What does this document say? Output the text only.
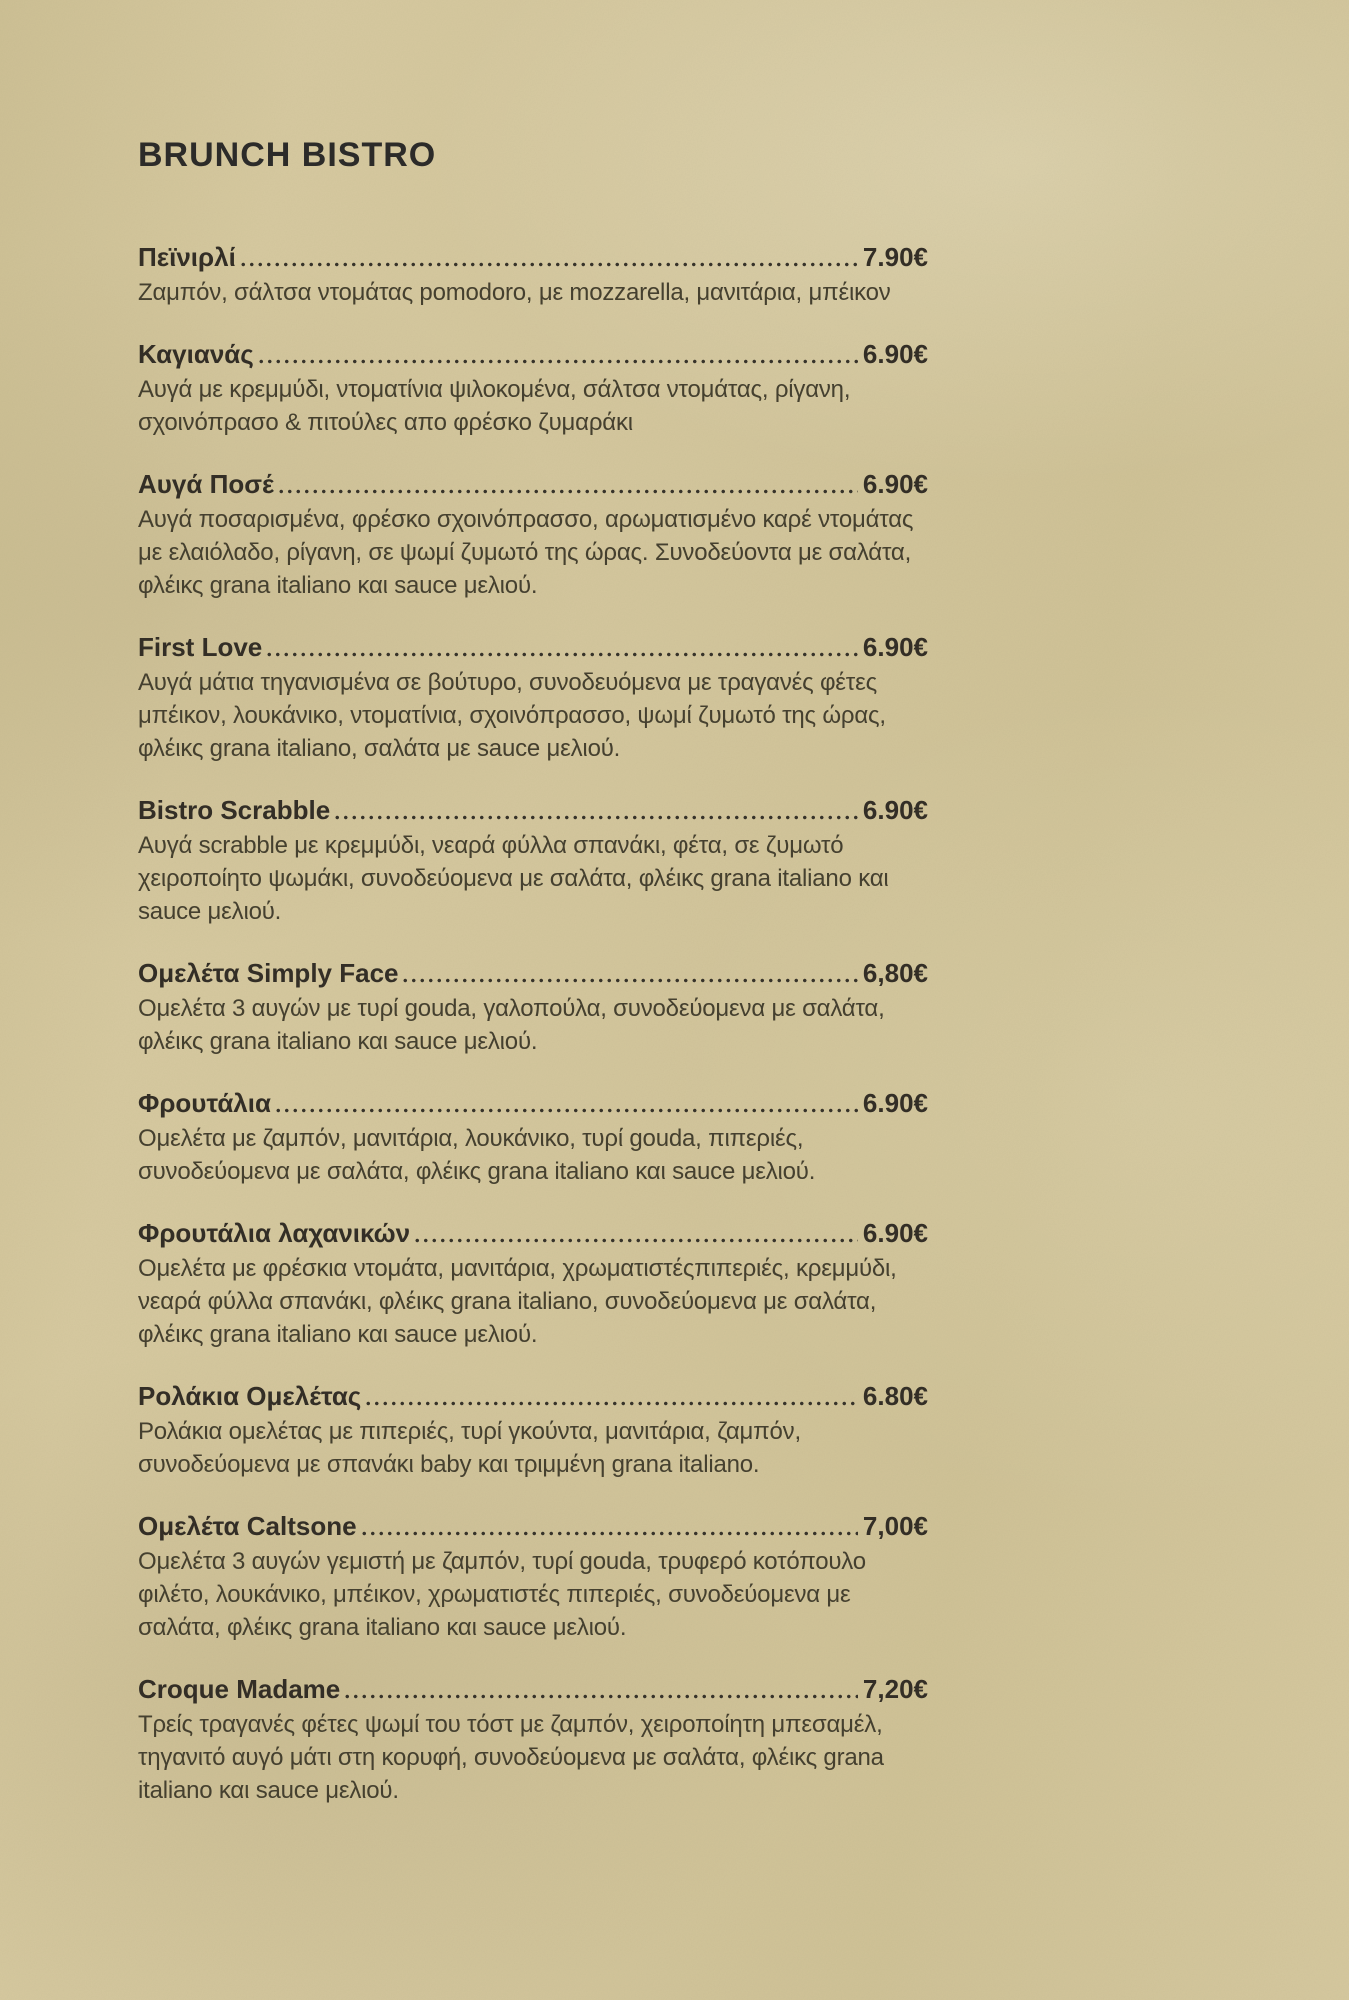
BRUNCH BISTRO
Πεϊνιρλί	7.90€

Ζαμπόν, σάλτσα ντομάτας pomodoro, με mozzarella, μανιτάρια, μπέικον

Καγιανάς	6.90€

Αυγά με κρεμμύδι, ντοματίνια ψιλοκομένα, σάλτσα ντομάτας, ρίγανη, σχοινόπρασο & πιτούλες απο φρέσκο ζυμαράκι

Αυγά Ποσέ	6.90€

Αυγά ποσαρισμένα, φρέσκο σχοινόπρασσο, αρωματισμένο καρέ ντομάτας με ελαιόλαδο, ρίγανη, σε ψωμί ζυμωτό της ώρας. Συνοδεύοντα με σαλάτα, φλέικς grana italiano και sauce μελιού.

First Love	6.90€

Αυγά μάτια τηγανισμένα σε βούτυρο, συνοδευόμενα με τραγανές φέτες μπέικον, λουκάνικο, ντοματίνια, σχοινόπρασσο, ψωμί ζυμωτό της ώρας, φλέικς grana italiano, σαλάτα με sauce μελιού.

Bistro Scrabble	6.90€

Αυγά scrabble με κρεμμύδι, νεαρά φύλλα σπανάκι, φέτα, σε ζυμωτό χειροποίητο ψωμάκι, συνοδεύομενα με σαλάτα, φλέικς grana italiano και sauce μελιού.

Ομελέτα Simply Face	6,80€

Ομελέτα 3 αυγών με τυρί gouda, γαλοπούλα, συνοδεύομενα με σαλάτα, φλέικς grana italiano και sauce μελιού.

Φρουτάλια	6.90€

Ομελέτα με ζαμπόν, μανιτάρια, λουκάνικο, τυρί gouda, πιπεριές, συνοδεύομενα με σαλάτα, φλέικς grana italiano και sauce μελιού.

Φρουτάλια λαχανικών	6.90€

Ομελέτα με φρέσκια ντομάτα, μανιτάρια, χρωματιστέςπιπεριές, κρεμμύδι, νεαρά φύλλα σπανάκι, φλέικς grana italiano, συνοδεύομενα με σαλάτα, φλέικς grana italiano και sauce μελιού.

Ρολάκια Ομελέτας	6.80€

Ρολάκια ομελέτας με πιπεριές, τυρί γκούντα, μανιτάρια, ζαμπόν, συνοδεύομενα με σπανάκι baby και τριμμένη grana italiano.

Ομελέτα Caltsone	7,00€

Ομελέτα 3 αυγών γεμιστή με ζαμπόν, τυρί gouda, τρυφερό κοτόπουλο φιλέτο, λουκάνικο, μπέικον, χρωματιστές πιπεριές, συνοδεύομενα με σαλάτα, φλέικς grana italiano και sauce μελιού.

Croque Madame	7,20€

Τρείς τραγανές φέτες ψωμί του τόστ με ζαμπόν, χειροποίητη μπεσαμέλ, τηγανιτό αυγό μάτι στη κορυφή, συνοδεύομενα με σαλάτα, φλέικς grana italiano και sauce μελιού.
